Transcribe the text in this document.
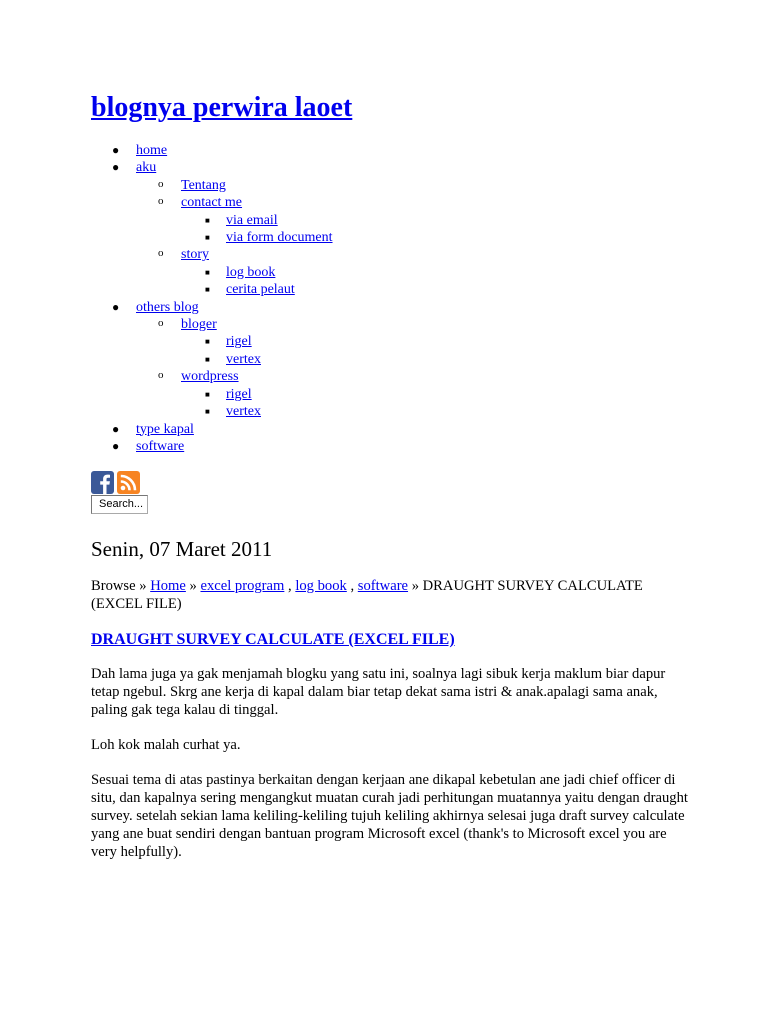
blognya perwira laoet
● home
● aku
o Tentang
o contact me
■ via email
■ via form document
o story
■ log book
■ cerita pelaut
● others blog
o bloger
■ rigel
■ vertex
o wordpress
■ rigel
■ vertex
● type kapal
● software
Search...
Senin, 07 Maret 2011
Browse » Home » excel program , log book , software » DRAUGHT SURVEY CALCULATE (EXCEL FILE)
DRAUGHT SURVEY CALCULATE (EXCEL FILE)

Dah lama juga ya gak menjamah blogku yang satu ini, soalnya lagi sibuk kerja maklum biar dapur tetap ngebul. Skrg ane kerja di kapal dalam biar tetap dekat sama istri & anak.apalagi sama anak, paling gak tega kalau di tinggal.

Loh kok malah curhat ya.

Sesuai tema di atas pastinya berkaitan dengan kerjaan ane dikapal kebetulan ane jadi chief officer di situ, dan kapalnya sering mengangkut muatan curah jadi perhitungan muatannya yaitu dengan draught survey. setelah sekian lama keliling-keliling tujuh keliling akhirnya selesai juga draft survey calculate yang ane buat sendiri dengan bantuan program Microsoft excel (thank's to Microsoft excel you are very helpfully).
